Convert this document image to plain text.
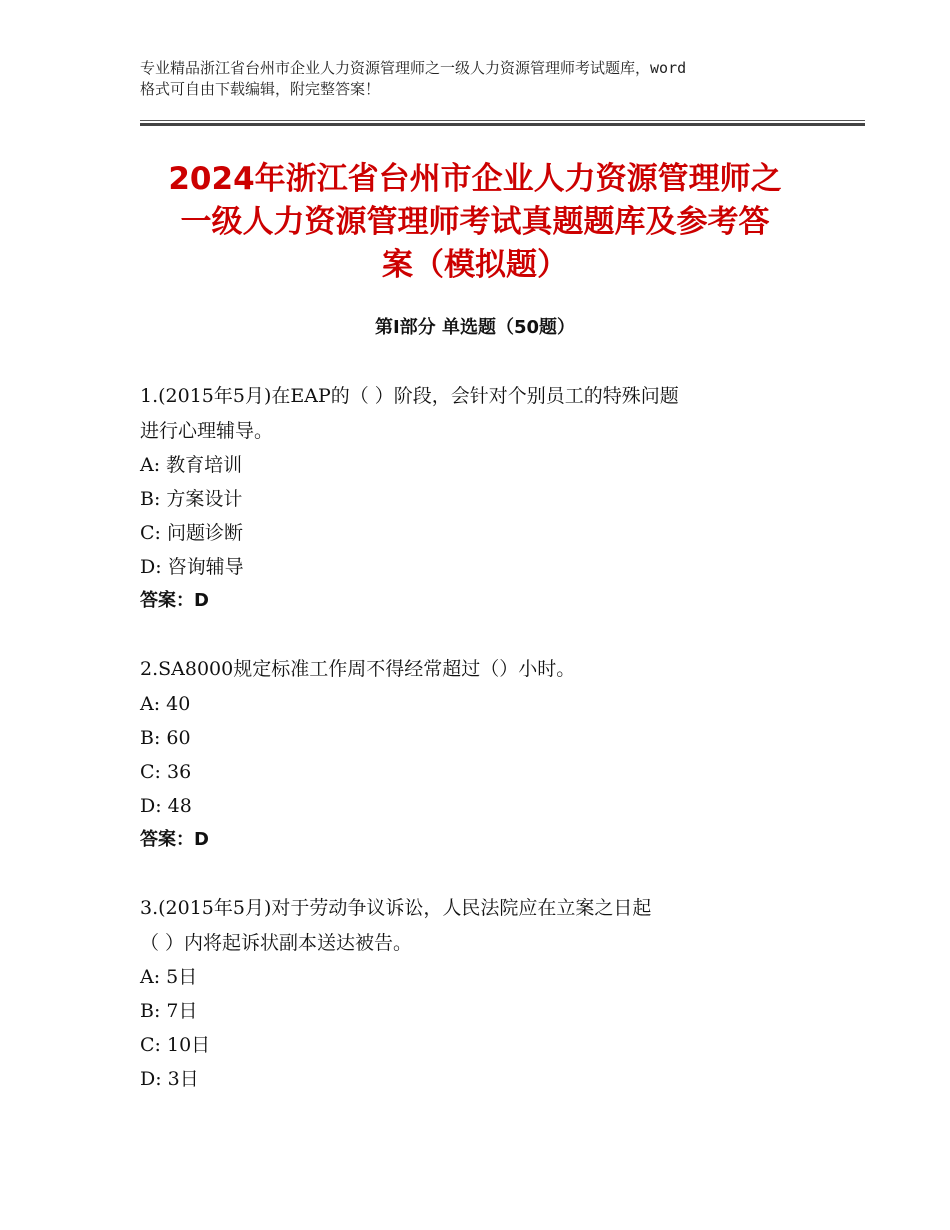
专业精品浙江省台州市企业人力资源管理师之一级人力资源管理师考试题库，word
格式可自由下载编辑，附完整答案！
2024年浙江省台州市企业人力资源管理师之
一级人力资源管理师考试真题题库及参考答
案（模拟题）
第Ⅰ部分 单选题（50题）
1.(2015年5月)在EAP的（ ）阶段，会针对个别员工的特殊问题
进行心理辅导。
A: 教育培训
B: 方案设计
C: 问题诊断
D: 咨询辅导
答案：D
2.SA8000规定标准工作周不得经常超过（）小时。
A: 40
B: 60
C: 36
D: 48
答案：D
3.(2015年5月)对于劳动争议诉讼，人民法院应在立案之日起
（ ）内将起诉状副本送达被告。
A: 5日
B: 7日
C: 10日
D: 3日
